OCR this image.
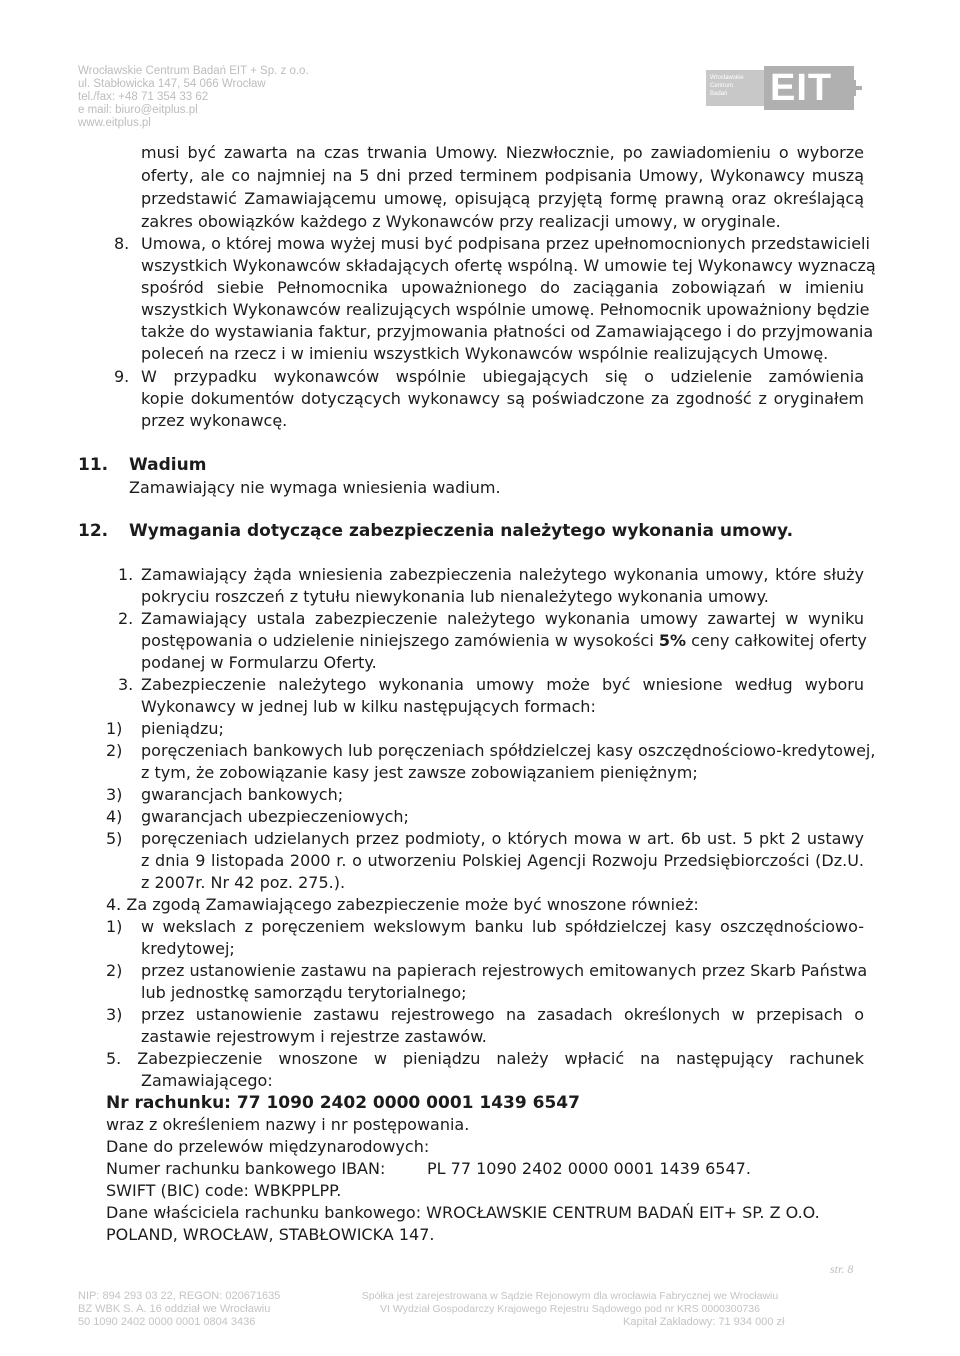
Wrocławskie Centrum Badań EIT + Sp. z o.o.
ul. Stabłowicka 147, 54 066 Wrocław
tel./fax: +48 71 354 33 62
e mail: biuro@eitplus.pl
www.eitplus.pl
Wrocławskie
Centrum
Badań EIT
musi być zawarta na czas trwania Umowy. Niezwłocznie, po zawiadomieniu o wyborze
oferty, ale co najmniej na 5 dni przed terminem podpisania Umowy, Wykonawcy muszą
przedstawić Zamawiającemu umowę, opisującą przyjętą formę prawną oraz określającą
zakres obowiązków każdego z Wykonawców przy realizacji umowy, w oryginale.
8. Umowa, o której mowa wyżej musi być podpisana przez upełnomocnionych przedstawicieli
wszystkich Wykonawców składających ofertę wspólną. W umowie tej Wykonawcy wyznaczą
spośród siebie Pełnomocnika upoważnionego do zaciągania zobowiązań w imieniu
wszystkich Wykonawców realizujących wspólnie umowę. Pełnomocnik upoważniony będzie
także do wystawiania faktur, przyjmowania płatności od Zamawiającego i do przyjmowania
poleceń na rzecz i w imieniu wszystkich Wykonawców wspólnie realizujących Umowę.
9. W przypadku wykonawców wspólnie ubiegających się o udzielenie zamówienia
kopie dokumentów dotyczących wykonawcy są poświadczone za zgodność z oryginałem
przez wykonawcę.
11. Wadium
Zamawiający nie wymaga wniesienia wadium.
12. Wymagania dotyczące zabezpieczenia należytego wykonania umowy.
1. Zamawiający żąda wniesienia zabezpieczenia należytego wykonania umowy, które służy
pokryciu roszczeń z tytułu niewykonania lub nienależytego wykonania umowy.
2. Zamawiający ustala zabezpieczenie należytego wykonania umowy zawartej w wyniku
postępowania o udzielenie niniejszego zamówienia w wysokości 5% ceny całkowitej oferty
podanej w Formularzu Oferty.
3. Zabezpieczenie należytego wykonania umowy może być wniesione według wyboru
Wykonawcy w jednej lub w kilku następujących formach:
1) pieniądzu;
2) poręczeniach bankowych lub poręczeniach spółdzielczej kasy oszczędnościowo-kredytowej,
z tym, że zobowiązanie kasy jest zawsze zobowiązaniem pieniężnym;
3) gwarancjach bankowych;
4) gwarancjach ubezpieczeniowych;
5) poręczeniach udzielanych przez podmioty, o których mowa w art. 6b ust. 5 pkt 2 ustawy
z dnia 9 listopada 2000 r. o utworzeniu Polskiej Agencji Rozwoju Przedsiębiorczości (Dz.U.
z 2007r. Nr 42 poz. 275.).
4. Za zgodą Zamawiającego zabezpieczenie może być wnoszone również:
1) w wekslach z poręczeniem wekslowym banku lub spółdzielczej kasy oszczędnościowo-
kredytowej;
2) przez ustanowienie zastawu na papierach rejestrowych emitowanych przez Skarb Państwa
lub jednostkę samorządu terytorialnego;
3) przez ustanowienie zastawu rejestrowego na zasadach określonych w przepisach o
zastawie rejestrowym i rejestrze zastawów.
5. Zabezpieczenie wnoszone w pieniądzu należy wpłacić na następujący rachunek
Zamawiającego:
Nr rachunku: 77 1090 2402 0000 0001 1439 6547
wraz z określeniem nazwy i nr postępowania.
Dane do przelewów międzynarodowych:
Numer rachunku bankowego IBAN:	PL 77 1090 2402 0000 0001 1439 6547.
SWIFT (BIC) code: WBKPPLPP.
Dane właściciela rachunku bankowego: WROCŁAWSKIE CENTRUM BADAŃ EIT+ SP. Z O.O.
POLAND, WROCŁAW, STABŁOWICKA 147.
str. 8
NIP: 894 293 03 22, REGON: 020671635
BZ WBK S. A. 16 oddział we Wrocławiu
50 1090 2402 0000 0001 0804 3436
Spółka jest zarejestrowana w Sądzie Rejonowym dla wrocławia Fabrycznej we Wrocławiu
VI Wydział Gospodarczy Krajowego Rejestru Sądowego pod nr KRS 0000300736
Kapitał Zakładowy: 71 934 000 zł
